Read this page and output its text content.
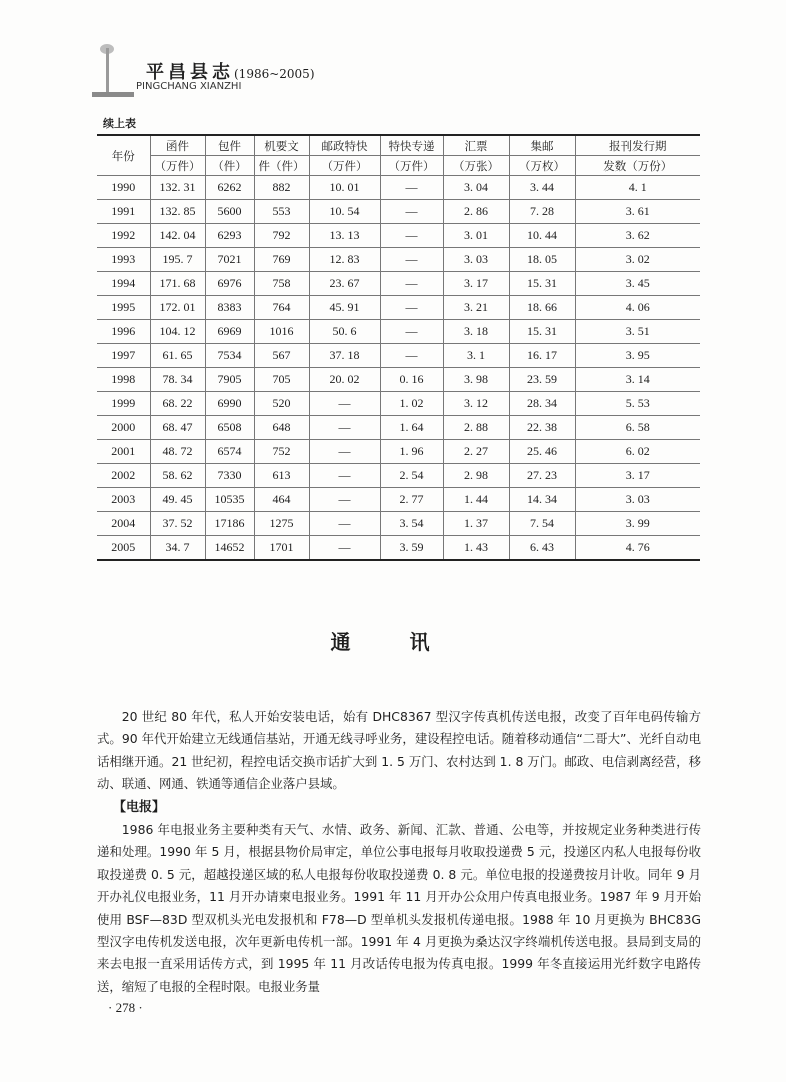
平昌县志(1986~2005)
PINGCHANG XIANZHI
续上表
年份	函件	包件	机要文	邮政特快	特快专递	汇票	集邮	报刊发行期
	（万件）	（件）	件（件）	（万件）	（万件）	（万张）	（万枚）	发数（万份）
1990	132. 31	6262	882	10. 01	—	3. 04	3. 44	4. 1
1991	132. 85	5600	553	10. 54	—	2. 86	7. 28	3. 61
1992	142. 04	6293	792	13. 13	—	3. 01	10. 44	3. 62
1993	195. 7	7021	769	12. 83	—	3. 03	18. 05	3. 02
1994	171. 68	6976	758	23. 67	—	3. 17	15. 31	3. 45
1995	172. 01	8383	764	45. 91	—	3. 21	18. 66	4. 06
1996	104. 12	6969	1016	50. 6	—	3. 18	15. 31	3. 51
1997	61. 65	7534	567	37. 18	—	3. 1	16. 17	3. 95
1998	78. 34	7905	705	20. 02	0. 16	3. 98	23. 59	3. 14
1999	68. 22	6990	520	—	1. 02	3. 12	28. 34	5. 53
2000	68. 47	6508	648	—	1. 64	2. 88	22. 38	6. 58
2001	48. 72	6574	752	—	1. 96	2. 27	25. 46	6. 02
2002	58. 62	7330	613	—	2. 54	2. 98	27. 23	3. 17
2003	49. 45	10535	464	—	2. 77	1. 44	14. 34	3. 03
2004	37. 52	17186	1275	—	3. 54	1. 37	7. 54	3. 99
2005	34. 7	14652	1701	—	3. 59	1. 43	6. 43	4. 76
通 讯

20 世纪 80 年代，私人开始安装电话，始有 DHC8367 型汉字传真机传送电报，改变了百年电码传输方式。90 年代开始建立无线通信基站，开通无线寻呼业务，建设程控电话。随着移动通信“二哥大”、光纤自动电话相继开通。21 世纪初，程控电话交换市话扩大到 1. 5 万门、农村达到 1. 8 万门。邮政、电信剥离经营，移动、联通、网通、铁通等通信企业落户县域。

【电报】

1986 年电报业务主要种类有天气、水情、政务、新闻、汇款、普通、公电等，并按规定业务种类进行传递和处理。1990 年 5 月，根据县物价局审定，单位公事电报每月收取投递费 5 元，投递区内私人电报每份收取投递费 0. 5 元，超越投递区域的私人电报每份收取投递费 0. 8 元。单位电报的投递费按月计收。同年 9 月开办礼仪电报业务，11 月开办请柬电报业务。1991 年 11 月开办公众用户传真电报业务。1987 年 9 月开始使用 BSF—83D 型双机头光电发报机和 F78—D 型单机头发报机传递电报。1988 年 10 月更换为 BHC83G 型汉字电传机发送电报，次年更新电传机一部。1991 年 4 月更换为桑达汉字终端机传送电报。县局到支局的来去电报一直采用话传方式，到 1995 年 11 月改话传电报为传真电报。1999 年冬直接运用光纤数字电路传送，缩短了电报的全程时限。电报业务量

· 278 ·
